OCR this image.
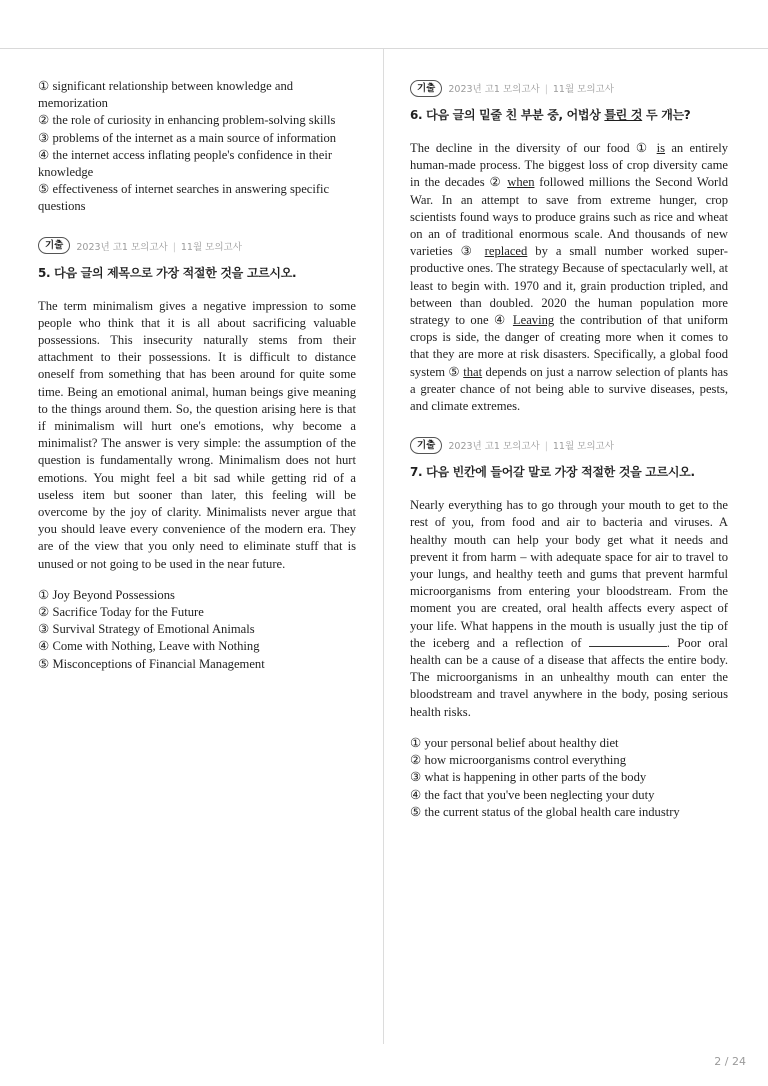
① significant relationship between knowledge and memorization

② the role of curiosity in enhancing problem-solving skills

③ problems of the internet as a main source of information

④ the internet access inflating people's confidence in their knowledge

⑤ effectiveness of internet searches in answering specific questions

기출	2023년 고1 모의고사 | 11월 모의고사
5. 다음 글의 제목으로 가장 적절한 것을 고르시오.

The term minimalism gives a negative impression to some people who think that it is all about sacrificing valuable possessions. This insecurity naturally stems from their attachment to their possessions. It is difficult to distance oneself from something that has been around for quite some time. Being an emotional animal, human beings give meaning to the things around them. So, the question arising here is that if minimalism will hurt one's emotions, why become a minimalist? The answer is very simple: the assumption of the question is fundamentally wrong. Minimalism does not hurt emotions. You might feel a bit sad while getting rid of a useless item but sooner than later, this feeling will be overcome by the joy of clarity. Minimalists never argue that you should leave every convenience of the modern era. They are of the view that you only need to eliminate stuff that is unused or not going to be used in the near future.

① Joy Beyond Possessions

② Sacrifice Today for the Future

③ Survival Strategy of Emotional Animals

④ Come with Nothing, Leave with Nothing

⑤ Misconceptions of Financial Management

기출	2023년 고1 모의고사 | 11월 모의고사
6. 다음 글의 밑줄 친 부분 중, 어법상 틀린 것 두 개는?

The decline in the diversity of our food ① is an entirely human-made process. The biggest loss of crop diversity came in the decades ② when followed millions the Second World War. In an attempt to save from extreme hunger, crop scientists found ways to produce grains such as rice and wheat on an of traditional enormous scale. And thousands of new varieties ③ replaced by a small number worked super-productive ones. The strategy Because of spectacularly well, at least to begin with. 1970 and it, grain production tripled, and between than doubled. 2020 the human population more strategy to one ④ Leaving the contribution of that uniform crops is side, the danger of creating more when it comes to that they are more at risk disasters. Specifically, a global food system ⑤ that depends on just a narrow selection of plants has a greater chance of not being able to survive diseases, pests, and climate extremes.

기출	2023년 고1 모의고사 | 11월 모의고사
7. 다음 빈칸에 들어갈 말로 가장 적절한 것을 고르시오.

Nearly everything has to go through your mouth to get to the rest of you, from food and air to bacteria and viruses. A healthy mouth can help your body get what it needs and prevent it from harm – with adequate space for air to travel to your lungs, and healthy teeth and gums that prevent harmful microorganisms from entering your bloodstream. From the moment you are created, oral health affects every aspect of your life. What happens in the mouth is usually just the tip of the iceberg and a reflection of	. Poor oral health can be a cause of a disease that affects the entire body. The microorganisms in an unhealthy mouth can enter the bloodstream and travel anywhere in the body, posing serious health risks.

① your personal belief about healthy diet

② how microorganisms control everything

③ what is happening in other parts of the body

④ the fact that you've been neglecting your duty

⑤ the current status of the global health care industry

2 / 24
